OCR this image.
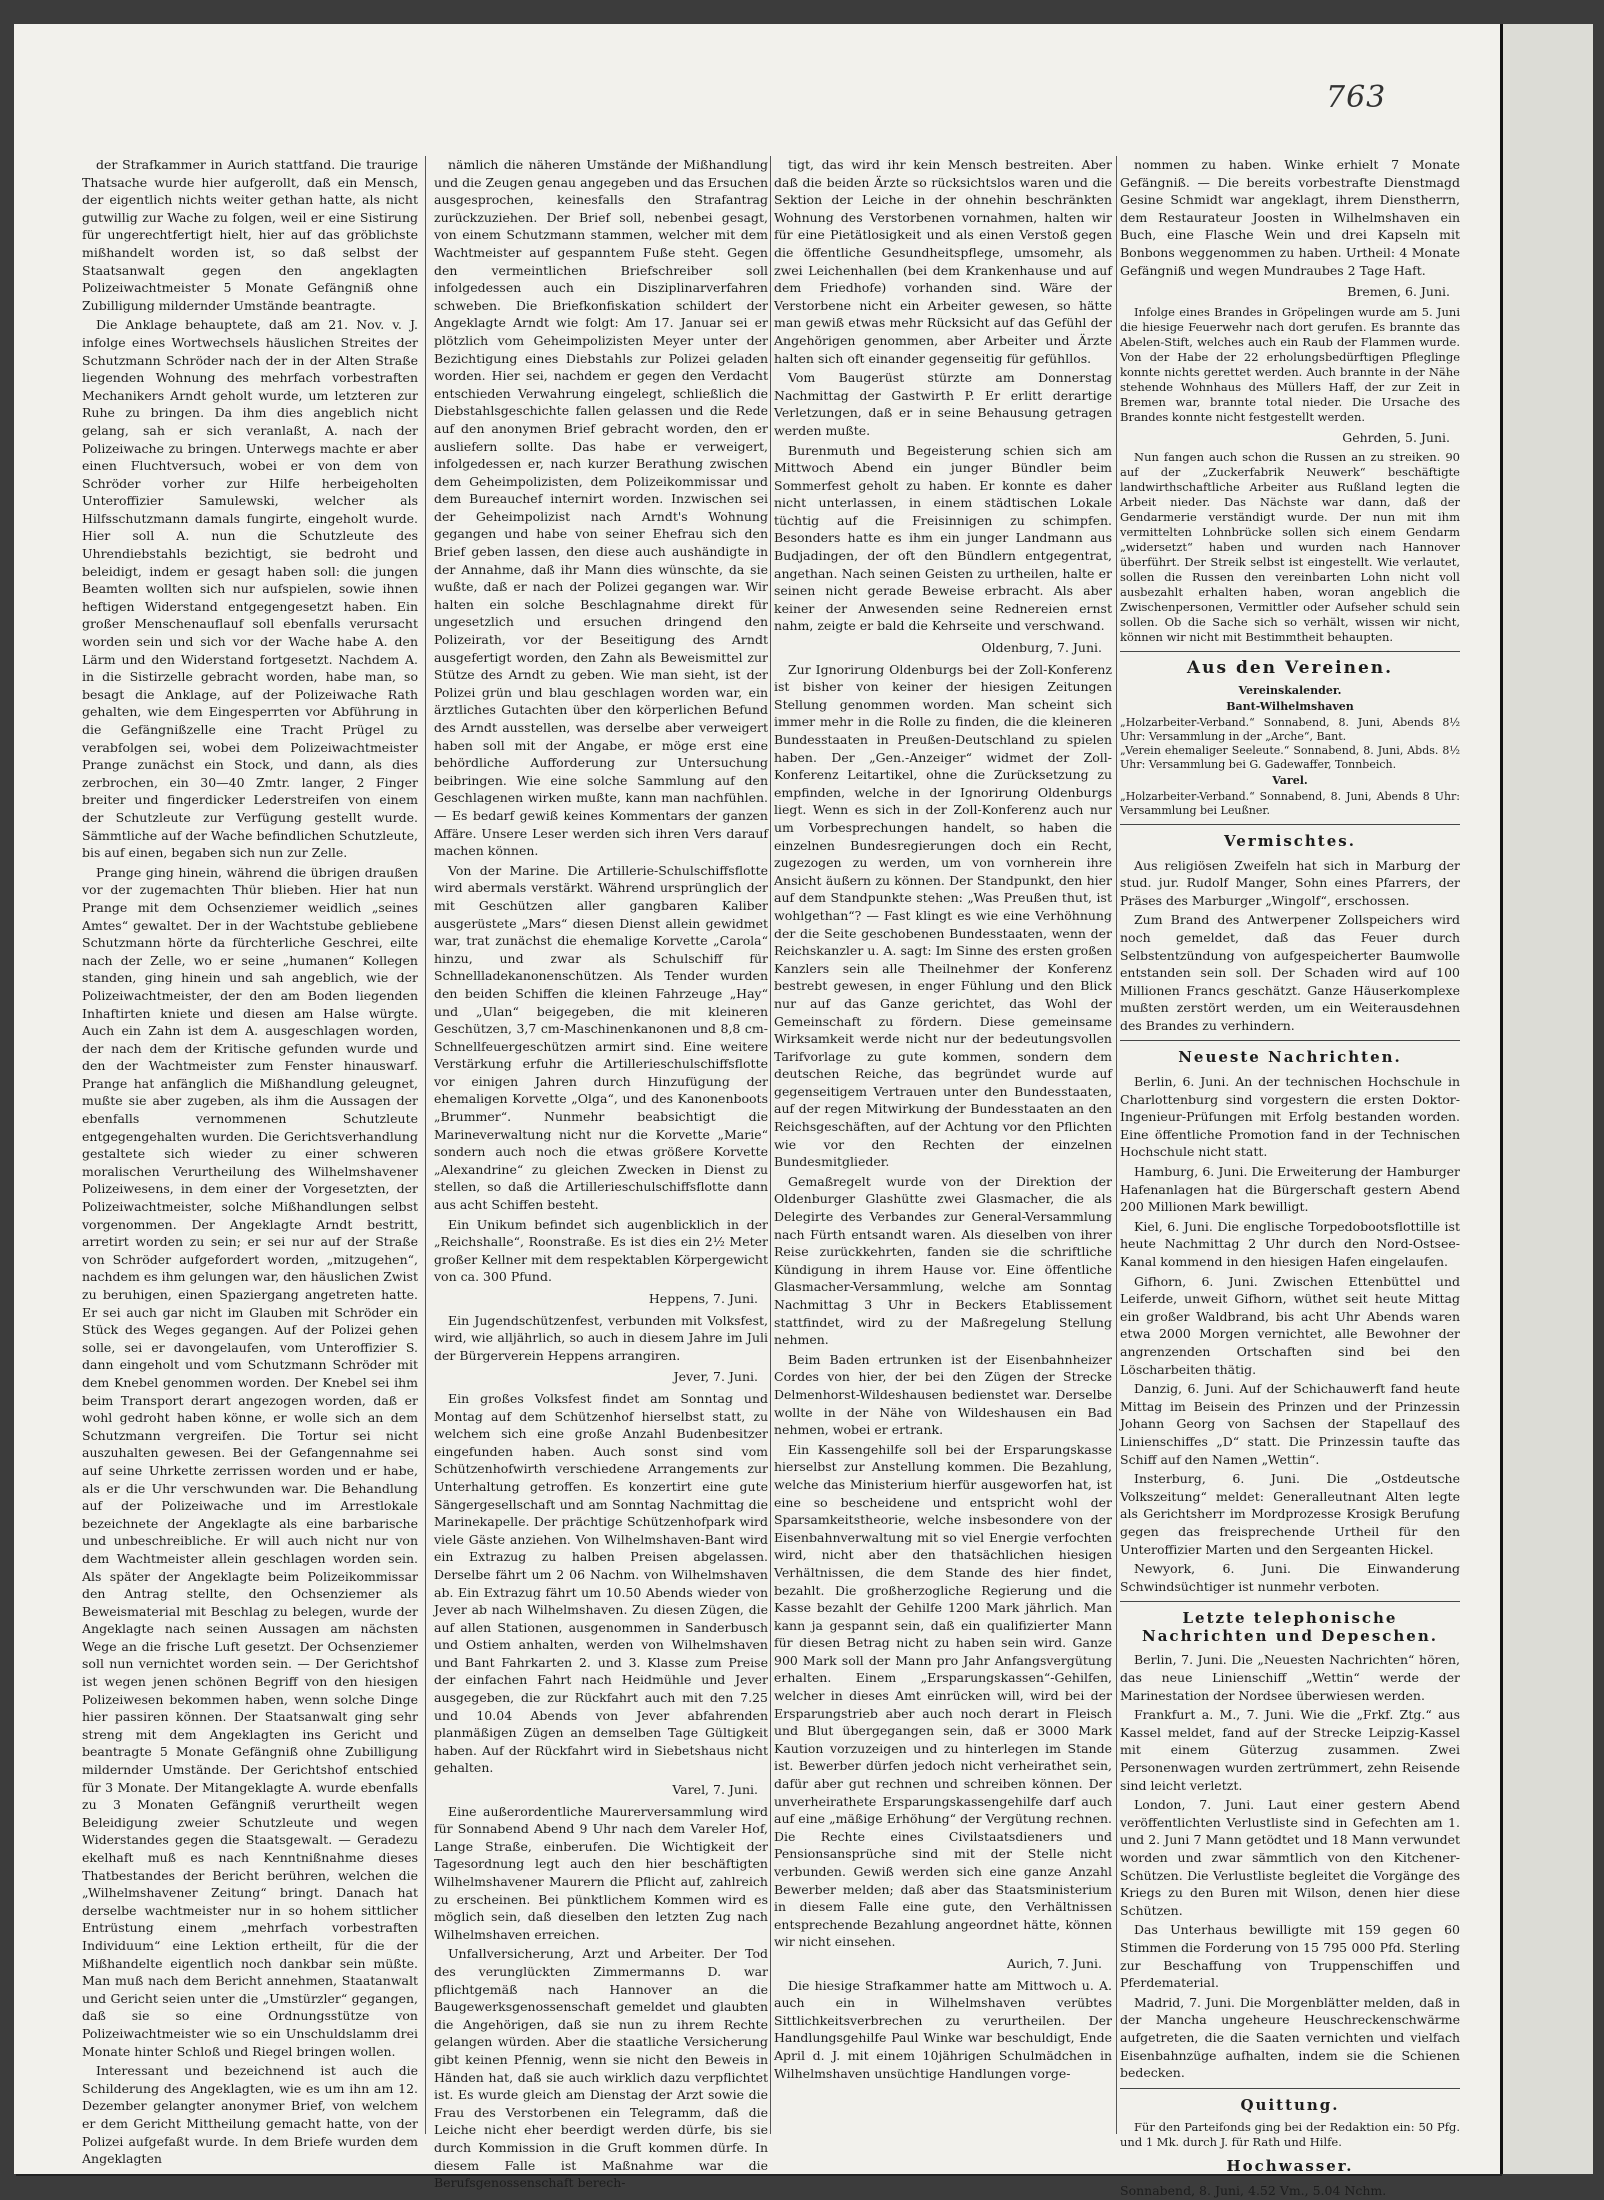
763

der Strafkammer in Aurich stattfand. Die traurige Thatsache wurde hier aufgerollt, daß ein Mensch, der eigentlich nichts weiter gethan hatte, als nicht gutwillig zur Wache zu folgen, weil er eine Sistirung für ungerechtfertigt hielt, hier auf das gröblichste mißhandelt worden ist, so daß selbst der Staatsanwalt gegen den angeklagten Polizeiwachtmeister 5 Monate Gefängniß ohne Zubilligung mildernder Umstände beantragte.

Die Anklage behauptete, daß am 21. Nov. v. J. infolge eines Wortwechsels häuslichen Streites der Schutzmann Schröder nach der in der Alten Straße liegenden Wohnung des mehrfach vorbestraften Mechanikers Arndt geholt wurde, um letzteren zur Ruhe zu bringen. Da ihm dies angeblich nicht gelang, sah er sich veranlaßt, A. nach der Polizeiwache zu bringen. Unterwegs machte er aber einen Fluchtversuch, wobei er von dem von Schröder vorher zur Hilfe herbeigeholten Unteroffizier Samulewski, welcher als Hilfsschutzmann damals fungirte, eingeholt wurde. Hier soll A. nun die Schutzleute des Uhrendiebstahls bezichtigt, sie bedroht und beleidigt, indem er gesagt haben soll: die jungen Beamten wollten sich nur aufspielen, sowie ihnen heftigen Widerstand entgegengesetzt haben. Ein großer Menschenauflauf soll ebenfalls verursacht worden sein und sich vor der Wache habe A. den Lärm und den Widerstand fortgesetzt. Nachdem A. in die Sistirzelle gebracht worden, habe man, so besagt die Anklage, auf der Polizeiwache Rath gehalten, wie dem Eingesperrten vor Abführung in die Gefängnißzelle eine Tracht Prügel zu verabfolgen sei, wobei dem Polizeiwachtmeister Prange zunächst ein Stock, und dann, als dies zerbrochen, ein 30—40 Zmtr. langer, 2 Finger breiter und fingerdicker Lederstreifen von einem der Schutzleute zur Verfügung gestellt wurde. Sämmtliche auf der Wache befindlichen Schutzleute, bis auf einen, begaben sich nun zur Zelle.

Prange ging hinein, während die übrigen draußen vor der zugemachten Thür blieben. Hier hat nun Prange mit dem Ochsenziemer weidlich „seines Amtes“ gewaltet. Der in der Wachtstube gebliebene Schutzmann hörte da fürchterliche Geschrei, eilte nach der Zelle, wo er seine „humanen“ Kollegen standen, ging hinein und sah angeblich, wie der Polizeiwachtmeister, der den am Boden liegenden Inhaftirten kniete und diesen am Halse würgte. Auch ein Zahn ist dem A. ausgeschlagen worden, der nach dem der Kritische gefunden wurde und den der Wachtmeister zum Fenster hinauswarf. Prange hat anfänglich die Mißhandlung geleugnet, mußte sie aber zugeben, als ihm die Aussagen der ebenfalls vernommenen Schutzleute entgegengehalten wurden. Die Gerichtsverhandlung gestaltete sich wieder zu einer schweren moralischen Verurtheilung des Wilhelmshavener Polizeiwesens, in dem einer der Vorgesetzten, der Polizeiwachtmeister, solche Mißhandlungen selbst vorgenommen. Der Angeklagte Arndt bestritt, arretirt worden zu sein; er sei nur auf der Straße von Schröder aufgefordert worden, „mitzugehen“, nachdem es ihm gelungen war, den häuslichen Zwist zu beruhigen, einen Spaziergang angetreten hatte. Er sei auch gar nicht im Glauben mit Schröder ein Stück des Weges gegangen. Auf der Polizei gehen solle, sei er davongelaufen, vom Unteroffizier S. dann eingeholt und vom Schutzmann Schröder mit dem Knebel genommen worden. Der Knebel sei ihm beim Transport derart angezogen worden, daß er wohl gedroht haben könne, er wolle sich an dem Schutzmann vergreifen. Die Tortur sei nicht auszuhalten gewesen. Bei der Gefangennahme sei auf seine Uhrkette zerrissen worden und er habe, als er die Uhr verschwunden war. Die Behandlung auf der Polizeiwache und im Arrestlokale bezeichnete der Angeklagte als eine barbarische und unbeschreibliche. Er will auch nicht nur von dem Wachtmeister allein geschlagen worden sein. Als später der Angeklagte beim Polizeikommissar den Antrag stellte, den Ochsenziemer als Beweismaterial mit Beschlag zu belegen, wurde der Angeklagte nach seinen Aussagen am nächsten Wege an die frische Luft gesetzt. Der Ochsenziemer soll nun vernichtet worden sein. — Der Gerichtshof ist wegen jenen schönen Begriff von den hiesigen Polizeiwesen bekommen haben, wenn solche Dinge hier passiren können. Der Staatsanwalt ging sehr streng mit dem Angeklagten ins Gericht und beantragte 5 Monate Gefängniß ohne Zubilligung mildernder Umstände. Der Gerichtshof entschied für 3 Monate. Der Mitangeklagte A. wurde ebenfalls zu 3 Monaten Gefängniß verurtheilt wegen Beleidigung zweier Schutzleute und wegen Widerstandes gegen die Staatsgewalt. — Geradezu ekelhaft muß es nach Kenntnißnahme dieses Thatbestandes der Bericht berühren, welchen die „Wilhelmshavener Zeitung“ bringt. Danach hat derselbe wachtmeister nur in so hohem sittlicher Entrüstung einem „mehrfach vorbestraften Individuum“ eine Lektion ertheilt, für die der Mißhandelte eigentlich noch dankbar sein müßte. Man muß nach dem Bericht annehmen, Staatanwalt und Gericht seien unter die „Umstürzler“ gegangen, daß sie so eine Ordnungsstütze von Polizeiwachtmeister wie so ein Unschuldslamm drei Monate hinter Schloß und Riegel bringen wollen.

Interessant und bezeichnend ist auch die Schilderung des Angeklagten, wie es um ihn am 12. Dezember gelangter anonymer Brief, von welchem er dem Gericht Mittheilung gemacht hatte, von der Polizei aufgefaßt wurde. In dem Briefe wurden dem Angeklagten

nämlich die näheren Umstände der Mißhandlung und die Zeugen genau angegeben und das Ersuchen ausgesprochen, keinesfalls den Strafantrag zurückzuziehen. Der Brief soll, nebenbei gesagt, von einem Schutzmann stammen, welcher mit dem Wachtmeister auf gespanntem Fuße steht. Gegen den vermeintlichen Briefschreiber soll infolgedessen auch ein Disziplinarverfahren schweben. Die Briefkonfiskation schildert der Angeklagte Arndt wie folgt: Am 17. Januar sei er plötzlich vom Geheimpolizisten Meyer unter der Bezichtigung eines Diebstahls zur Polizei geladen worden. Hier sei, nachdem er gegen den Verdacht entschieden Verwahrung eingelegt, schließlich die Diebstahlsgeschichte fallen gelassen und die Rede auf den anonymen Brief gebracht worden, den er ausliefern sollte. Das habe er verweigert, infolgedessen er, nach kurzer Berathung zwischen dem Geheimpolizisten, dem Polizeikommissar und dem Bureauchef internirt worden. Inzwischen sei der Geheimpolizist nach Arndt's Wohnung gegangen und habe von seiner Ehefrau sich den Brief geben lassen, den diese auch aushändigte in der Annahme, daß ihr Mann dies wünschte, da sie wußte, daß er nach der Polizei gegangen war. Wir halten ein solche Beschlagnahme direkt für ungesetzlich und ersuchen dringend den Polizeirath, vor der Beseitigung des Arndt ausgefertigt worden, den Zahn als Beweismittel zur Stütze des Arndt zu geben. Wie man sieht, ist der Polizei grün und blau geschlagen worden war, ein ärztliches Gutachten über den körperlichen Befund des Arndt ausstellen, was derselbe aber verweigert haben soll mit der Angabe, er möge erst eine behördliche Aufforderung zur Untersuchung beibringen. Wie eine solche Sammlung auf den Geschlagenen wirken mußte, kann man nachfühlen. — Es bedarf gewiß keines Kommentars der ganzen Affäre. Unsere Leser werden sich ihren Vers darauf machen können.

Von der Marine. Die Artillerie-Schulschiffsflotte wird abermals verstärkt. Während ursprünglich der mit Geschützen aller gangbaren Kaliber ausgerüstete „Mars“ diesen Dienst allein gewidmet war, trat zunächst die ehemalige Korvette „Carola“ hinzu, und zwar als Schulschiff für Schnellladekanonenschützen. Als Tender wurden den beiden Schiffen die kleinen Fahrzeuge „Hay“ und „Ulan“ beigegeben, die mit kleineren Geschützen, 3,7 cm-Maschinenkanonen und 8,8 cm-Schnellfeuergeschützen armirt sind. Eine weitere Verstärkung erfuhr die Artillerieschulschiffsflotte vor einigen Jahren durch Hinzufügung der ehemaligen Korvette „Olga“, und des Kanonenboots „Brummer“. Nunmehr beabsichtigt die Marineverwaltung nicht nur die Korvette „Marie“ sondern auch noch die etwas größere Korvette „Alexandrine“ zu gleichen Zwecken in Dienst zu stellen, so daß die Artillerieschulschiffsflotte dann aus acht Schiffen besteht.

Ein Unikum befindet sich augenblicklich in der „Reichshalle“, Roonstraße. Es ist dies ein 2½ Meter großer Kellner mit dem respektablen Körpergewicht von ca. 300 Pfund.

Heppens, 7. Juni.

Ein Jugendschützenfest, verbunden mit Volksfest, wird, wie alljährlich, so auch in diesem Jahre im Juli der Bürgerverein Heppens arrangiren.

Jever, 7. Juni.

Ein großes Volksfest findet am Sonntag und Montag auf dem Schützenhof hierselbst statt, zu welchem sich eine große Anzahl Budenbesitzer eingefunden haben. Auch sonst sind vom Schützenhofwirth verschiedene Arrangements zur Unterhaltung getroffen. Es konzertirt eine gute Sängergesellschaft und am Sonntag Nachmittag die Marinekapelle. Der prächtige Schützenhofpark wird viele Gäste anziehen. Von Wilhelmshaven-Bant wird ein Extrazug zu halben Preisen abgelassen. Derselbe fährt um 2 06 Nachm. von Wilhelmshaven ab. Ein Extrazug fährt um 10.50 Abends wieder von Jever ab nach Wilhelmshaven. Zu diesen Zügen, die auf allen Stationen, ausgenommen in Sanderbusch und Ostiem anhalten, werden von Wilhelmshaven und Bant Fahrkarten 2. und 3. Klasse zum Preise der einfachen Fahrt nach Heidmühle und Jever ausgegeben, die zur Rückfahrt auch mit den 7.25 und 10.04 Abends von Jever abfahrenden planmäßigen Zügen an demselben Tage Gültigkeit haben. Auf der Rückfahrt wird in Siebetshaus nicht gehalten.

Varel, 7. Juni.

Eine außerordentliche Maurerversammlung wird für Sonnabend Abend 9 Uhr nach dem Vareler Hof, Lange Straße, einberufen. Die Wichtigkeit der Tagesordnung legt auch den hier beschäftigten Wilhelmshavener Maurern die Pflicht auf, zahlreich zu erscheinen. Bei pünktlichem Kommen wird es möglich sein, daß dieselben den letzten Zug nach Wilhelmshaven erreichen.

Unfallversicherung, Arzt und Arbeiter. Der Tod des verunglückten Zimmermanns D. war pflichtgemäß nach Hannover an die Baugewerksgenossenschaft gemeldet und glaubten die Angehörigen, daß sie nun zu ihrem Rechte gelangen würden. Aber die staatliche Versicherung gibt keinen Pfennig, wenn sie nicht den Beweis in Händen hat, daß sie auch wirklich dazu verpflichtet ist. Es wurde gleich am Dienstag der Arzt sowie die Frau des Verstorbenen ein Telegramm, daß die Leiche nicht eher beerdigt werden dürfe, bis sie durch Kommission in die Gruft kommen dürfe. In diesem Falle ist Maßnahme war die Berufsgenossenschaft berech-

tigt, das wird ihr kein Mensch bestreiten. Aber daß die beiden Ärzte so rücksichtslos waren und die Sektion der Leiche in der ohnehin beschränkten Wohnung des Verstorbenen vornahmen, halten wir für eine Pietätlosigkeit und als einen Verstoß gegen die öffentliche Gesundheitspflege, umsomehr, als zwei Leichenhallen (bei dem Krankenhause und auf dem Friedhofe) vorhanden sind. Wäre der Verstorbene nicht ein Arbeiter gewesen, so hätte man gewiß etwas mehr Rücksicht auf das Gefühl der Angehörigen genommen, aber Arbeiter und Ärzte halten sich oft einander gegenseitig für gefühllos.

Vom Baugerüst stürzte am Donnerstag Nachmittag der Gastwirth P. Er erlitt derartige Verletzungen, daß er in seine Behausung getragen werden mußte.

Burenmuth und Begeisterung schien sich am Mittwoch Abend ein junger Bündler beim Sommerfest geholt zu haben. Er konnte es daher nicht unterlassen, in einem städtischen Lokale tüchtig auf die Freisinnigen zu schimpfen. Besonders hatte es ihm ein junger Landmann aus Budjadingen, der oft den Bündlern entgegentrat, angethan. Nach seinen Geisten zu urtheilen, halte er seinen nicht gerade Beweise erbracht. Als aber keiner der Anwesenden seine Rednereien ernst nahm, zeigte er bald die Kehrseite und verschwand.

Oldenburg, 7. Juni.

Zur Ignorirung Oldenburgs bei der Zoll-Konferenz ist bisher von keiner der hiesigen Zeitungen Stellung genommen worden. Man scheint sich immer mehr in die Rolle zu finden, die die kleineren Bundesstaaten in Preußen-Deutschland zu spielen haben. Der „Gen.-Anzeiger“ widmet der Zoll-Konferenz Leitartikel, ohne die Zurücksetzung zu empfinden, welche in der Ignorirung Oldenburgs liegt. Wenn es sich in der Zoll-Konferenz auch nur um Vorbesprechungen handelt, so haben die einzelnen Bundesregierungen doch ein Recht, zugezogen zu werden, um von vornherein ihre Ansicht äußern zu können. Der Standpunkt, den hier auf dem Standpunkte stehen: „Was Preußen thut, ist wohlgethan“? — Fast klingt es wie eine Verhöhnung der die Seite geschobenen Bundesstaaten, wenn der Reichskanzler u. A. sagt: Im Sinne des ersten großen Kanzlers sein alle Theilnehmer der Konferenz bestrebt gewesen, in enger Fühlung und den Blick nur auf das Ganze gerichtet, das Wohl der Gemeinschaft zu fördern. Diese gemeinsame Wirksamkeit werde nicht nur der bedeutungsvollen Tarifvorlage zu gute kommen, sondern dem deutschen Reiche, das begründet wurde auf gegenseitigem Vertrauen unter den Bundesstaaten, auf der regen Mitwirkung der Bundesstaaten an den Reichsgeschäften, auf der Achtung vor den Pflichten wie vor den Rechten der einzelnen Bundesmitglieder.

Gemaßregelt wurde von der Direktion der Oldenburger Glashütte zwei Glasmacher, die als Delegirte des Verbandes zur General-Versammlung nach Fürth entsandt waren. Als dieselben von ihrer Reise zurückkehrten, fanden sie die schriftliche Kündigung in ihrem Hause vor. Eine öffentliche Glasmacher-Versammlung, welche am Sonntag Nachmittag 3 Uhr in Beckers Etablissement stattfindet, wird zu der Maßregelung Stellung nehmen.

Beim Baden ertrunken ist der Eisenbahnheizer Cordes von hier, der bei den Zügen der Strecke Delmenhorst-Wildeshausen bedienstet war. Derselbe wollte in der Nähe von Wildeshausen ein Bad nehmen, wobei er ertrank.

Ein Kassengehilfe soll bei der Ersparungskasse hierselbst zur Anstellung kommen. Die Bezahlung, welche das Ministerium hierfür ausgeworfen hat, ist eine so bescheidene und entspricht wohl der Sparsamkeitstheorie, welche insbesondere von der Eisenbahnverwaltung mit so viel Energie verfochten wird, nicht aber den thatsächlichen hiesigen Verhältnissen, die dem Stande des hier findet, bezahlt. Die großherzogliche Regierung und die Kasse bezahlt der Gehilfe 1200 Mark jährlich. Man kann ja gespannt sein, daß ein qualifizierter Mann für diesen Betrag nicht zu haben sein wird. Ganze 900 Mark soll der Mann pro Jahr Anfangsvergütung erhalten. Einem „Ersparungskassen“-Gehilfen, welcher in dieses Amt einrücken will, wird bei der Ersparungstrieb aber auch noch derart in Fleisch und Blut übergegangen sein, daß er 3000 Mark Kaution vorzuzeigen und zu hinterlegen im Stande ist. Bewerber dürfen jedoch nicht verheirathet sein, dafür aber gut rechnen und schreiben können. Der unverheirathete Ersparungskassengehilfe darf auch auf eine „mäßige Erhöhung“ der Vergütung rechnen. Die Rechte eines Civilstaatsdieners und Pensionsansprüche sind mit der Stelle nicht verbunden. Gewiß werden sich eine ganze Anzahl Bewerber melden; daß aber das Staatsministerium in diesem Falle eine gute, den Verhältnissen entsprechende Bezahlung angeordnet hätte, können wir nicht einsehen.

Aurich, 7. Juni.

Die hiesige Strafkammer hatte am Mittwoch u. A. auch ein in Wilhelmshaven verübtes Sittlichkeitsverbrechen zu verurtheilen. Der Handlungsgehilfe Paul Winke war beschuldigt, Ende April d. J. mit einem 10jährigen Schulmädchen in Wilhelmshaven unsüchtige Handlungen vorge-

nommen zu haben. Winke erhielt 7 Monate Gefängniß. — Die bereits vorbestrafte Dienstmagd Gesine Schmidt war angeklagt, ihrem Dienstherrn, dem Restaurateur Joosten in Wilhelmshaven ein Buch, eine Flasche Wein und drei Kapseln mit Bonbons weggenommen zu haben. Urtheil: 4 Monate Gefängniß und wegen Mundraubes 2 Tage Haft.

Bremen, 6. Juni.

Infolge eines Brandes in Gröpelingen wurde am 5. Juni die hiesige Feuerwehr nach dort gerufen. Es brannte das Abelen-Stift, welches auch ein Raub der Flammen wurde. Von der Habe der 22 erholungsbedürftigen Pfleglinge konnte nichts gerettet werden. Auch brannte in der Nähe stehende Wohnhaus des Müllers Haff, der zur Zeit in Bremen war, brannte total nieder. Die Ursache des Brandes konnte nicht festgestellt werden.

Gehrden, 5. Juni.

Nun fangen auch schon die Russen an zu streiken. 90 auf der „Zuckerfabrik Neuwerk“ beschäftigte landwirthschaftliche Arbeiter aus Rußland legten die Arbeit nieder. Das Nächste war dann, daß der Gendarmerie verständigt wurde. Der nun mit ihm vermittelten Lohnbrücke sollen sich einem Gendarm „widersetzt“ haben und wurden nach Hannover überführt. Der Streik selbst ist eingestellt. Wie verlautet, sollen die Russen den vereinbarten Lohn nicht voll ausbezahlt erhalten haben, woran angeblich die Zwischenpersonen, Vermittler oder Aufseher schuld sein sollen. Ob die Sache sich so verhält, wissen wir nicht, können wir nicht mit Bestimmtheit behaupten.

Aus den Vereinen.
Vereinskalender.
Bant-Wilhelmshaven
„Holzarbeiter-Verband.“ Sonnabend, 8. Juni, Abends 8½ Uhr: Versammlung in der „Arche“, Bant.
„Verein ehemaliger Seeleute.“ Sonnabend, 8. Juni, Abds. 8½ Uhr: Versammlung bei G. Gadewaffer, Tonnbeich.
Varel.
„Holzarbeiter-Verband.“ Sonnabend, 8. Juni, Abends 8 Uhr: Versammlung bei Leußner.
Vermischtes.

Aus religiösen Zweifeln hat sich in Marburg der stud. jur. Rudolf Manger, Sohn eines Pfarrers, der Präses des Marburger „Wingolf“, erschossen.

Zum Brand des Antwerpener Zollspeichers wird noch gemeldet, daß das Feuer durch Selbstentzündung von aufgespeicherter Baumwolle entstanden sein soll. Der Schaden wird auf 100 Millionen Francs geschätzt. Ganze Häuserkomplexe mußten zerstört werden, um ein Weiterausdehnen des Brandes zu verhindern.

Neueste Nachrichten.

Berlin, 6. Juni. An der technischen Hochschule in Charlottenburg sind vorgestern die ersten Doktor-Ingenieur-Prüfungen mit Erfolg bestanden worden. Eine öffentliche Promotion fand in der Technischen Hochschule nicht statt.

Hamburg, 6. Juni. Die Erweiterung der Hamburger Hafenanlagen hat die Bürgerschaft gestern Abend 200 Millionen Mark bewilligt.

Kiel, 6. Juni. Die englische Torpedobootsflottille ist heute Nachmittag 2 Uhr durch den Nord-Ostsee-Kanal kommend in den hiesigen Hafen eingelaufen.

Gifhorn, 6. Juni. Zwischen Ettenbüttel und Leiferde, unweit Gifhorn, wüthet seit heute Mittag ein großer Waldbrand, bis acht Uhr Abends waren etwa 2000 Morgen vernichtet, alle Bewohner der angrenzenden Ortschaften sind bei den Löscharbeiten thätig.

Danzig, 6. Juni. Auf der Schichauwerft fand heute Mittag im Beisein des Prinzen und der Prinzessin Johann Georg von Sachsen der Stapellauf des Linienschiffes „D“ statt. Die Prinzessin taufte das Schiff auf den Namen „Wettin“.

Insterburg, 6. Juni. Die „Ostdeutsche Volkszeitung“ meldet: Generalleutnant Alten legte als Gerichtsherr im Mordprozesse Krosigk Berufung gegen das freisprechende Urtheil für den Unteroffizier Marten und den Sergeanten Hickel.

Newyork, 6. Juni. Die Einwanderung Schwindsüchtiger ist nunmehr verboten.

Letzte telephonische Nachrichten und Depeschen.

Berlin, 7. Juni. Die „Neuesten Nachrichten“ hören, das neue Linienschiff „Wettin“ werde der Marinestation der Nordsee überwiesen werden.

Frankfurt a. M., 7. Juni. Wie die „Frkf. Ztg.“ aus Kassel meldet, fand auf der Strecke Leipzig-Kassel mit einem Güterzug zusammen. Zwei Personenwagen wurden zertrümmert, zehn Reisende sind leicht verletzt.

London, 7. Juni. Laut einer gestern Abend veröffentlichten Verlustliste sind in Gefechten am 1. und 2. Juni 7 Mann getödtet und 18 Mann verwundet worden und zwar sämmtlich von den Kitchener-Schützen. Die Verlustliste begleitet die Vorgänge des Kriegs zu den Buren mit Wilson, denen hier diese Schützen.

Das Unterhaus bewilligte mit 159 gegen 60 Stimmen die Forderung von 15 795 000 Pfd. Sterling zur Beschaffung von Truppenschiffen und Pferdematerial.

Madrid, 7. Juni. Die Morgenblätter melden, daß in der Mancha ungeheure Heuschreckenschwärme aufgetreten, die die Saaten vernichten und vielfach Eisenbahnzüge aufhalten, indem sie die Schienen bedecken.

Quittung.

Für den Parteifonds ging bei der Redaktion ein: 50 Pfg. und 1 Mk. durch J. für Rath und Hilfe.

Hochwasser.
Sonnabend, 8. Juni, 4.52 Vm., 5.04 Nchm.
